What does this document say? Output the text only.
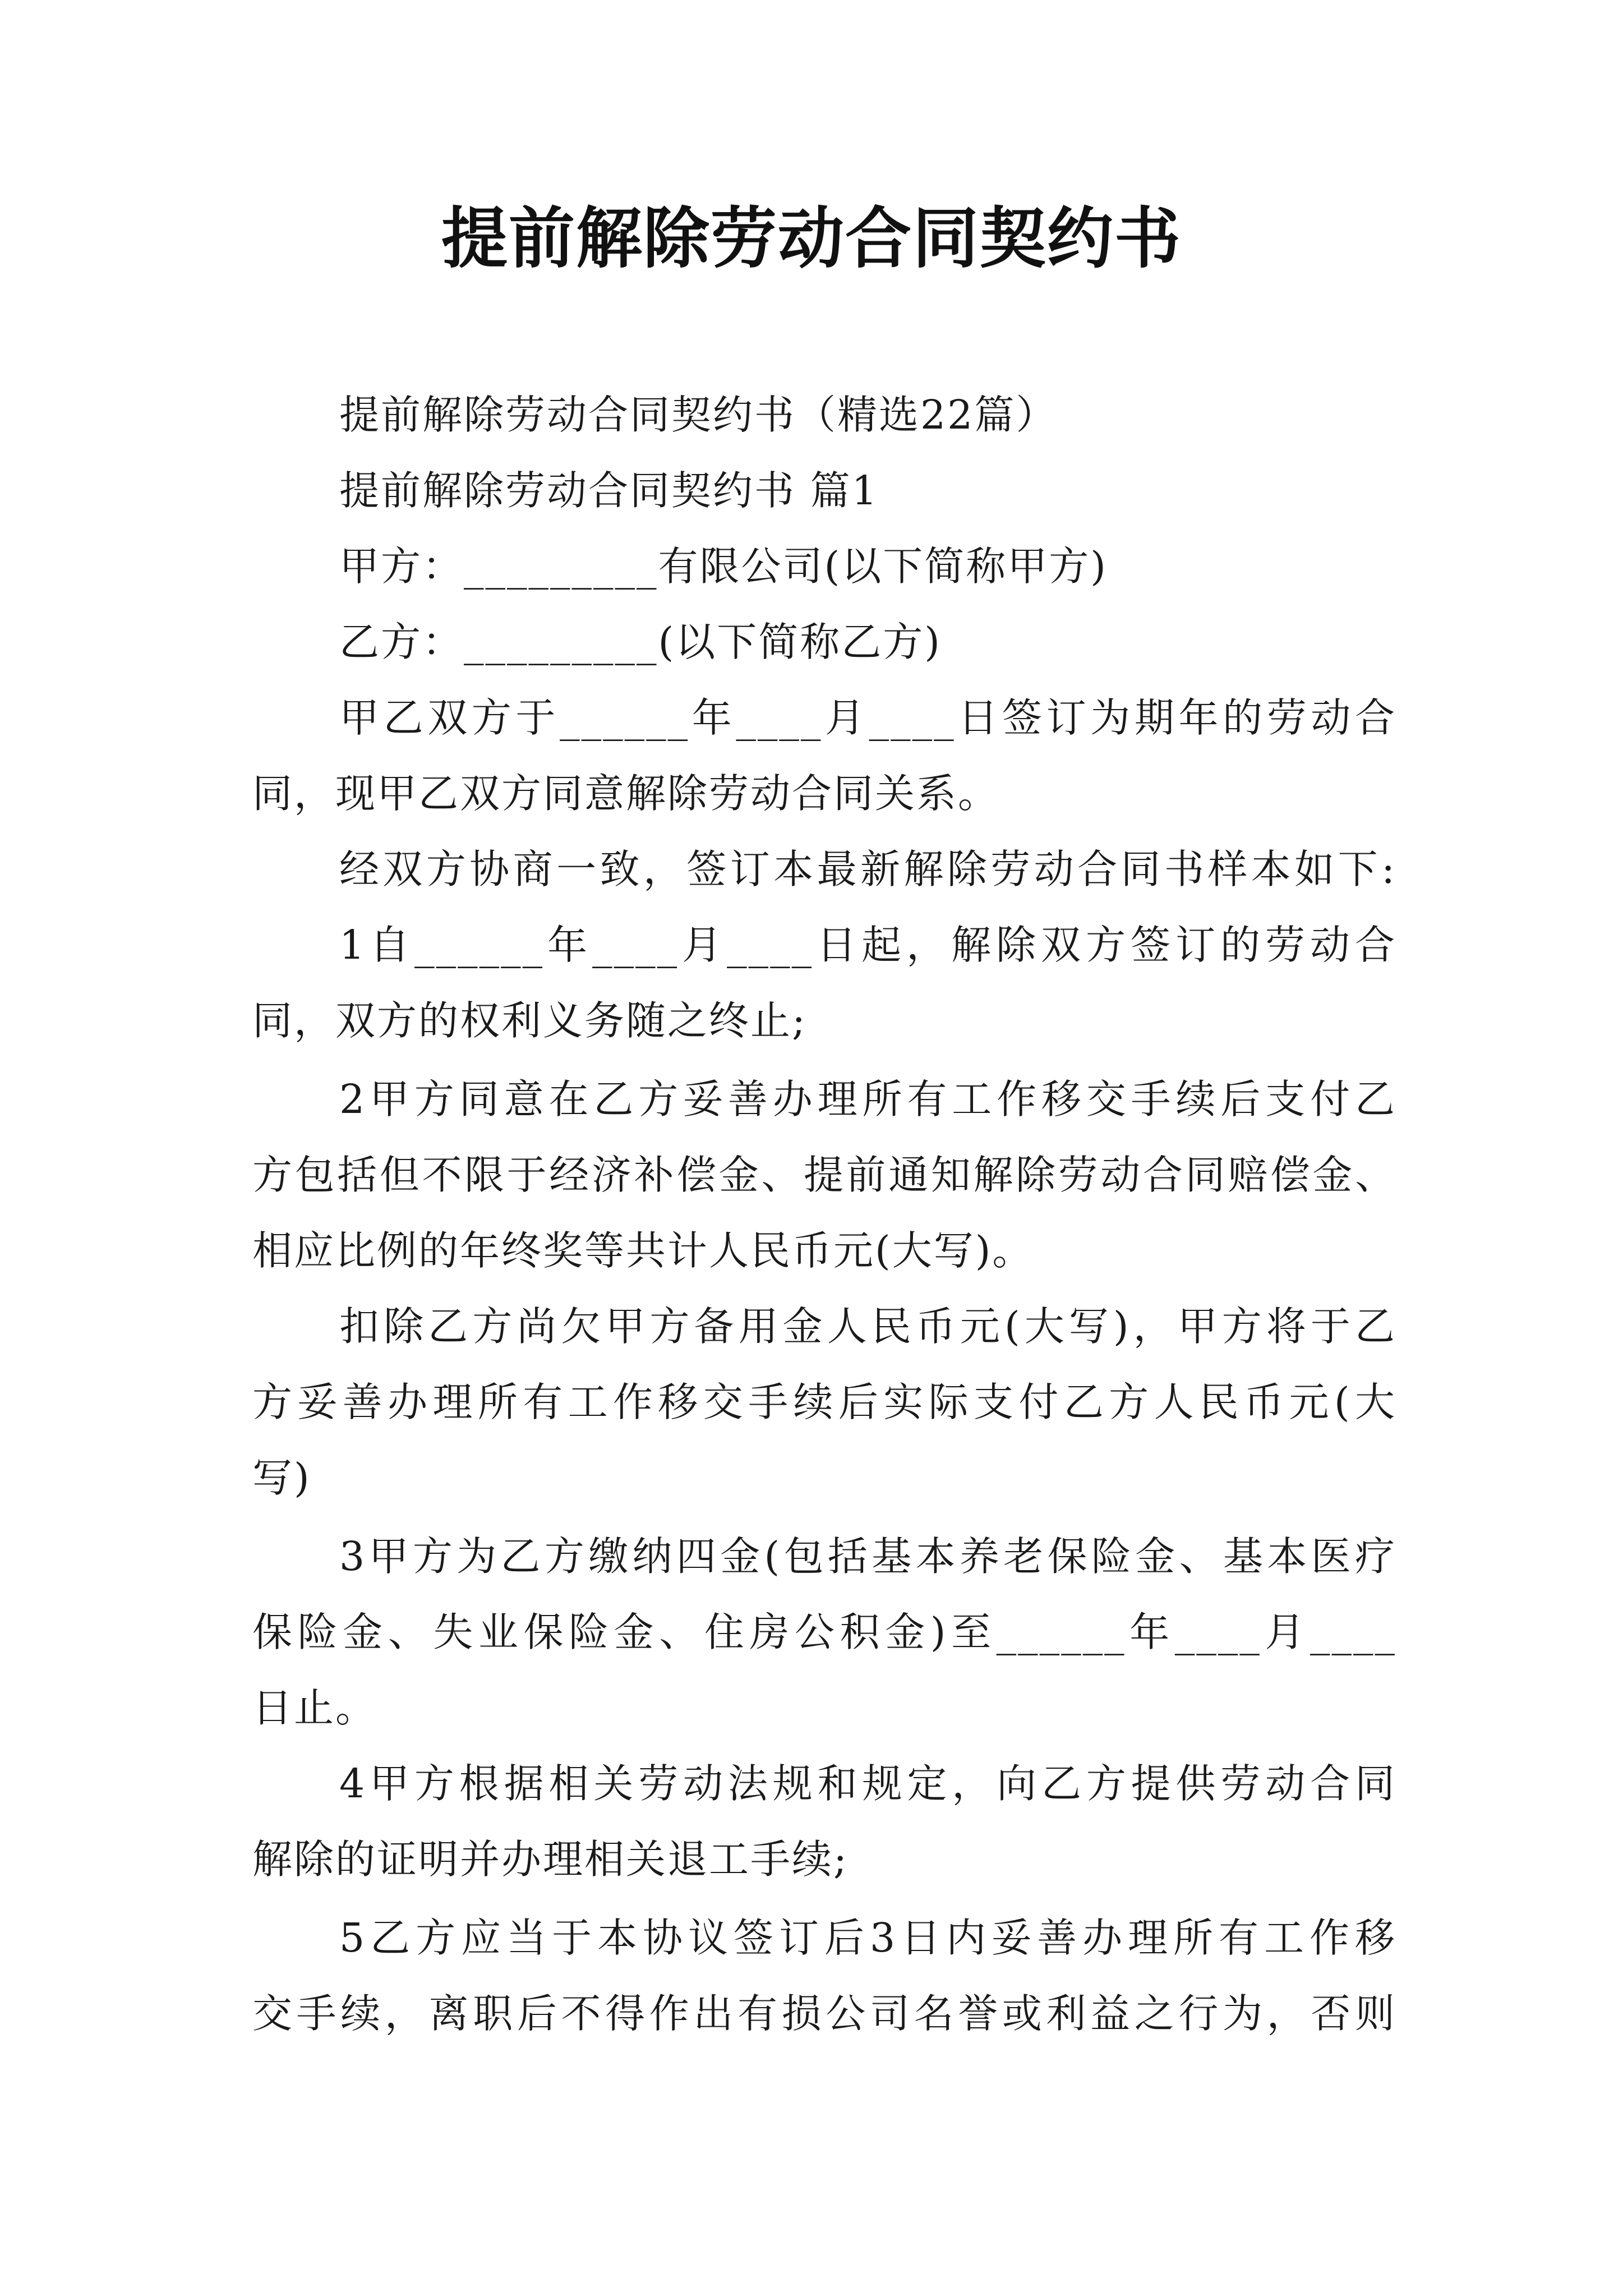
提前解除劳动合同契约书

提前解除劳动合同契约书（精选22篇）

提前解除劳动合同契约书 篇1

甲方：_________有限公司(以下简称甲方)

乙方：_________(以下简称乙方)

甲乙双方于______年____月____日签订为期年的劳动合

同，现甲乙双方同意解除劳动合同关系。

经双方协商一致，签订本最新解除劳动合同书样本如下:

1自______年____月____日起，解除双方签订的劳动合

同，双方的权利义务随之终止;

2甲方同意在乙方妥善办理所有工作移交手续后支付乙

方包括但不限于经济补偿金、提前通知解除劳动合同赔偿金、

相应比例的年终奖等共计人民币元(大写)。

扣除乙方尚欠甲方备用金人民币元(大写)，甲方将于乙

方妥善办理所有工作移交手续后实际支付乙方人民币元(大

写)

3甲方为乙方缴纳四金(包括基本养老保险金、基本医疗

保险金、失业保险金、住房公积金)至______年____月____

日止。

4甲方根据相关劳动法规和规定，向乙方提供劳动合同

解除的证明并办理相关退工手续;

5乙方应当于本协议签订后3日内妥善办理所有工作移

交手续，离职后不得作出有损公司名誉或利益之行为，否则
